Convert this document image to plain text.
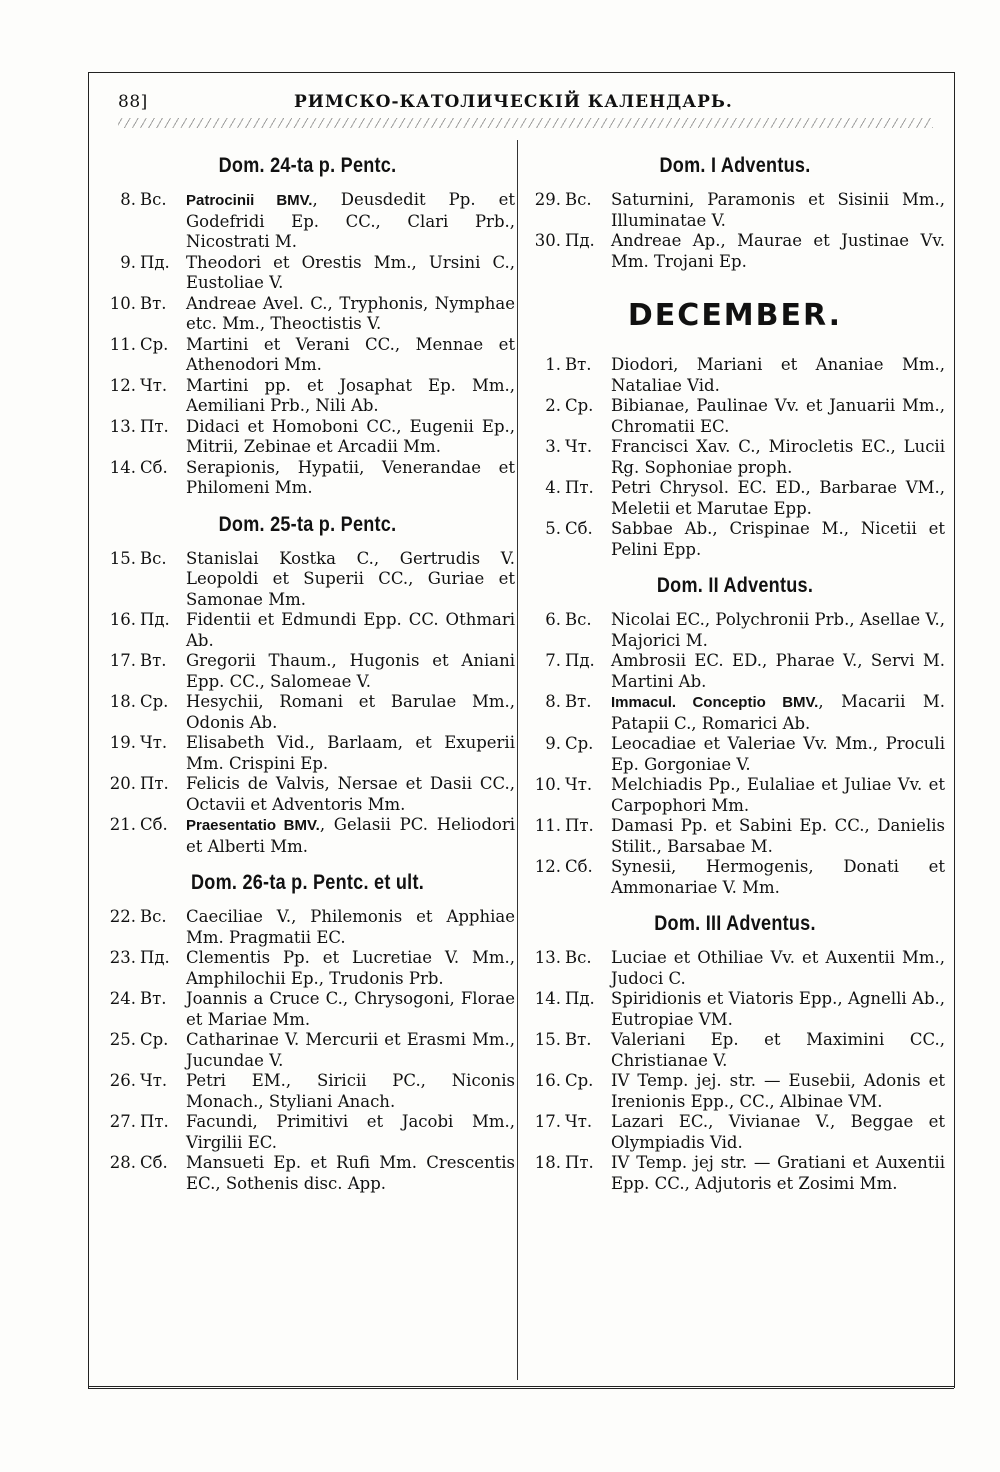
88]	РИМСКО-КАТОЛИЧЕСКІЙ КАЛЕНДАРЬ.
Dom. 24-ta p. Pentc.
8. Вс.	Patrocinii BMV., Deusdedit Pp. et Godefridi Ep. CC., Clari Prb., Nicostrati M.
9. Пд. Theodori et Orestis Mm., Ursini C., Eustoliae V.
10. Вт.	Andreae Avel. C., Tryphonis, Nymphae etc. Mm., Theoctistis V.
11. Ср.	Martini et Verani CC., Mennae et Athenodori Mm.
12. Чт.	Martini pp. et Josaphat Ep. Mm., Aemiliani Prb., Nili Ab.
13. Пт.	Didaci et Homoboni CC., Eugenii Ep., Mitrii, Zebinae et Arcadii Mm.
14. Сб.	Serapionis, Hypatii, Venerandae et Philomeni Mm.
Dom. 25-ta p. Pentc.
15. Вс.	Stanislai Kostka C., Gertrudis V. Leopoldi et Superii CC., Guriae et Samonae Mm.
16. Пд. Fidentii et Edmundi Epp. CC. Othmari Ab.
17. Вт.	Gregorii Thaum., Hugonis et Aniani Epp. CC., Salomeae V.
18. Ср.	Hesychii, Romani et Barulae Mm., Odonis Ab.
19. Чт.	Elisabeth Vid., Barlaam, et Exuperii Mm. Crispini Ep.
20. Пт.	Felicis de Valvis, Nersae et Dasii CC., Octavii et Adventoris Mm.
21. Сб.	Praesentatio BMV., Gelasii PC. Heliodori et Alberti Mm.
Dom. 26-ta p. Pentc. et ult.
22. Вс.	Caeciliae V., Philemonis et Apphiae Mm. Pragmatii EC.
23. Пд. Clementis Pp. et Lucretiae V. Mm., Amphilochii Ep., Trudonis Prb.
24. Вт.	Joannis a Cruce C., Chrysogoni, Florae et Mariae Mm.
25. Ср.	Catharinae V. Mercurii et Erasmi Mm., Jucundae V.
26. Чт.	Petri EM., Siricii PC., Niconis Monach., Styliani Anach.
27. Пт.	Facundi, Primitivi et Jacobi Mm., Virgilii EC.
28. Сб.	Mansueti Ep. et Rufi Mm. Crescentis EC., Sothenis disc. App.
Dom. I Adventus.
29. Вс.	Saturnini, Paramonis et Sisinii Mm., Illuminatae V.
30. Пд. Andreae Ap., Maurae et Justinae Vv. Mm. Trojani Ep.
DECEMBER.
1. Вт.	Diodori, Mariani et Ananiae Mm., Nataliae Vid.
2. Ср.	Bibianae, Paulinae Vv. et Januarii Mm., Chromatii EC.
3. Чт.	Francisci Xav. C., Mirocletis EC., Lucii Rg. Sophoniae proph.
4. Пт.	Petri Chrysol. EC. ED., Barbarae VM., Meletii et Marutae Epp.
5. Сб.	Sabbae Ab., Crispinae M., Nicetii et Pelini Epp.
Dom. II Adventus.
6. Вс.	Nicolai EC., Polychronii Prb., Asellae V., Majorici M.
7. Пд. Ambrosii EC. ED., Pharae V., Servi M. Martini Ab.
8. Вт.	Immacul. Conceptio BMV., Macarii M. Patapii C., Romarici Ab.
9. Ср.	Leocadiae et Valeriae Vv. Mm., Proculi Ep. Gorgoniae V.
10. Чт.	Melchiadis Pp., Eulaliae et Juliae Vv. et Carpophori Mm.
11. Пт.	Damasi Pp. et Sabini Ep. CC., Danielis Stilit., Barsabae M.
12. Сб.	Synesii, Hermogenis, Donati et Ammonariae V. Mm.
Dom. III Adventus.
13. Вс.	Luciae et Othiliae Vv. et Auxentii Mm., Judoci C.
14. Пд. Spiridionis et Viatoris Epp., Agnelli Ab., Eutropiae VM.
15. Вт.	Valeriani Ep. et Maximini CC., Christianae V.
16. Ср.	IV Temp. jej. str. — Eusebii, Adonis et Irenionis Epp., CC., Albinae VM.
17. Чт.	Lazari EC., Vivianae V., Beggae et Olympiadis Vid.
18. Пт.	IV Temp. jej str. — Gratiani et Auxentii Epp. CC., Adjutoris et Zosimi Mm.
